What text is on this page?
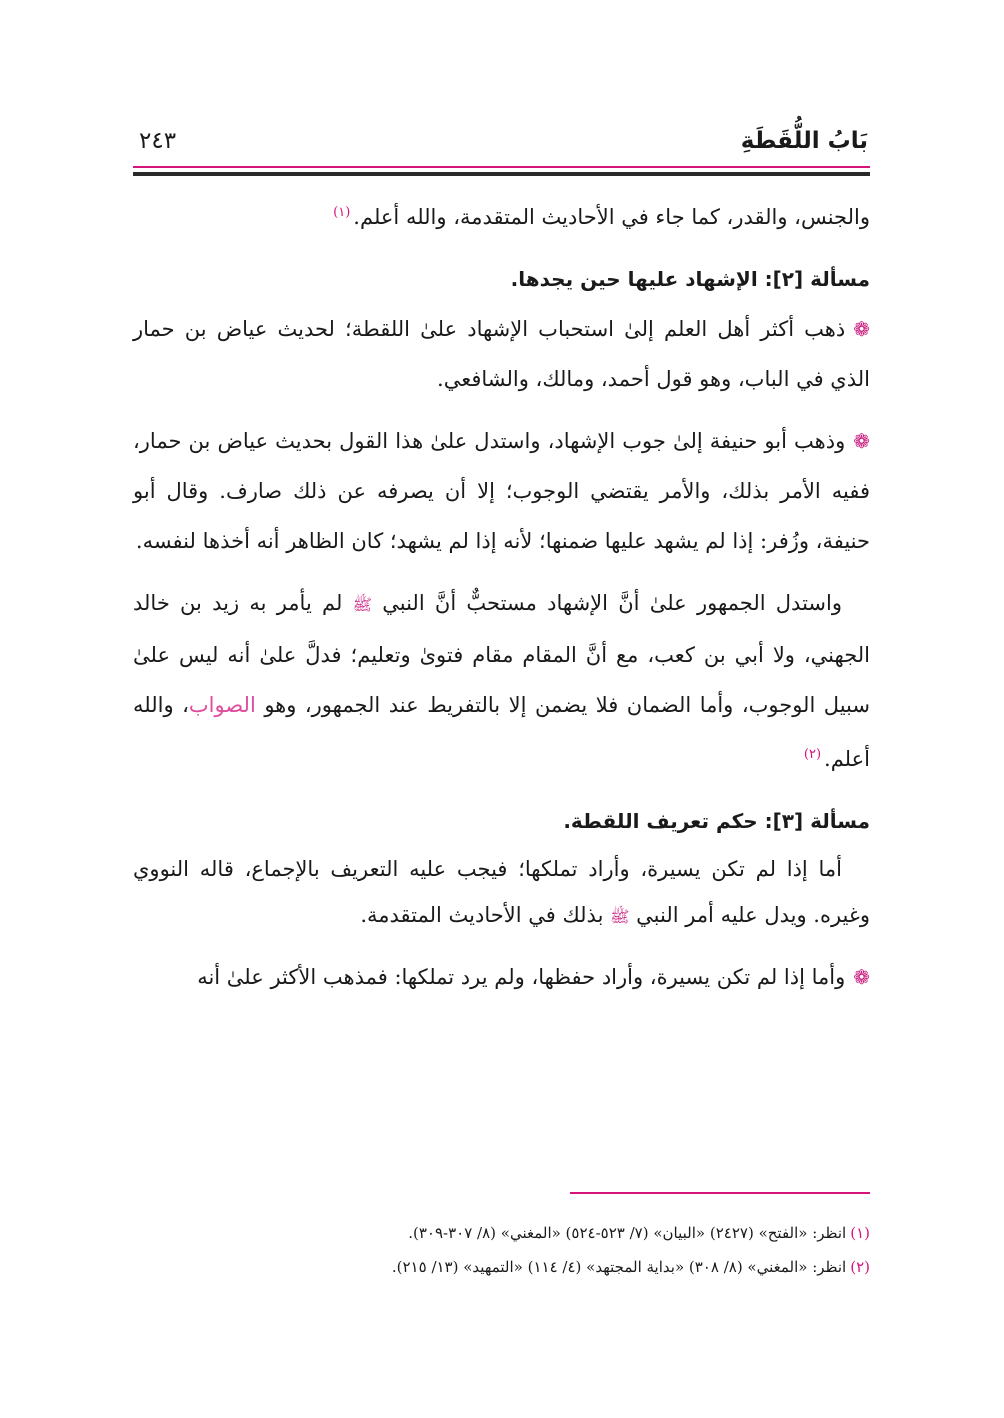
بَابُ اللُّقَطَةِ
٢٤٣

والجنس، والقدر، كما جاء في الأحاديث المتقدمة، والله أعلم.$^{(١)}$

مسألة [٢]: الإشهاد عليها حين يجدها.

❁ذهب أكثر أهل العلم إلىٰ استحباب الإشهاد علىٰ اللقطة؛ لحديث عياض بن حمار الذي في الباب، وهو قول أحمد، ومالك، والشافعي.

❁وذهب أبو حنيفة إلىٰ جوب الإشهاد، واستدل علىٰ هذا القول بحديث عياض بن حمار، ففيه الأمر بذلك، والأمر يقتضي الوجوب؛ إلا أن يصرفه عن ذلك صارف. وقال أبو حنيفة، وزُفر: إذا لم يشهد عليها ضمنها؛ لأنه إذا لم يشهد؛ كان الظاهر أنه أخذها لنفسه.

واستدل الجمهور علىٰ أنَّ الإشهاد مستحبٌّ أنَّ النبي ﷺ لم يأمر به زيد بن خالد الجهني، ولا أبي بن كعب، مع أنَّ المقام مقام فتوىٰ وتعليم؛ فدلَّ علىٰ أنه ليس علىٰ سبيل الوجوب، وأما الضمان فلا يضمن إلا بالتفريط عند الجمهور، وهو الصواب، والله أعلم.$^{(٢)}$

مسألة [٣]: حكم تعريف اللقطة.

أما إذا لم تكن يسيرة، وأراد تملكها؛ فيجب عليه التعريف بالإجماع، قاله النووي وغيره. ويدل عليه أمر النبي ﷺ بذلك في الأحاديث المتقدمة.

❁وأما إذا لم تكن يسيرة، وأراد حفظها، ولم يرد تملكها: فمذهب الأكثر علىٰ أنه

(١)انظر: «الفتح» (٢٤٢٧) «البيان» (٧/ ٥٢٣-٥٢٤) «المغني» (٨/ ٣٠٧-٣٠٩).

(٢)انظر: «المغني» (٨/ ٣٠٨) «بداية المجتهد» (٤/ ١١٤) «التمهيد» (١٣/ ٢١٥).
